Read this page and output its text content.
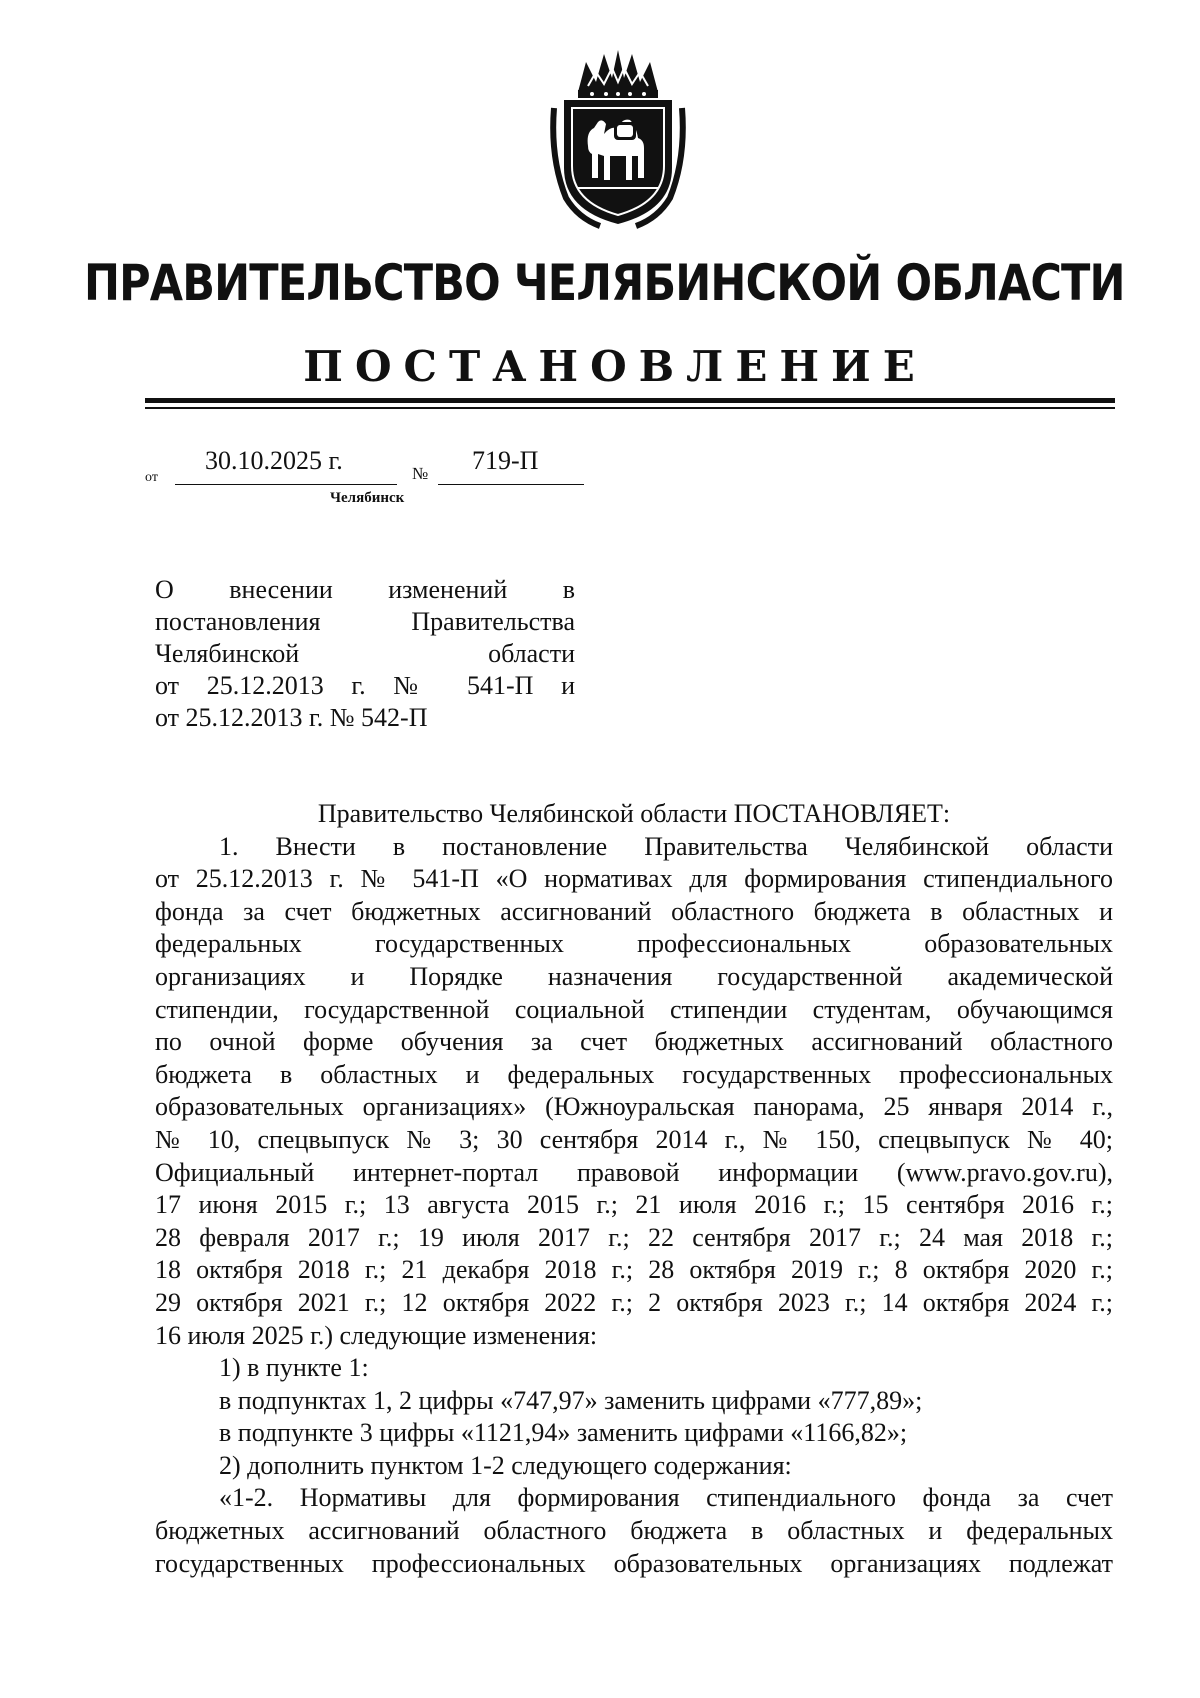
ПРАВИТЕЛЬСТВО ЧЕЛЯБИНСКОЙ ОБЛАСТИ
ПОСТАНОВЛЕНИЕ
от
30.10.2025 г.	№ 719-П
Челябинск
О внесении изменений в
постановления Правительства
Челябинской области
от 25.12.2013 г. № 541-П и
от 25.12.2013 г. № 542-П
Правительство Челябинской области ПОСТАНОВЛЯЕТ:
1. Внести в постановление Правительства Челябинской области
от 25.12.2013 г. № 541-П «О нормативах для формирования стипендиального
фонда за счет бюджетных ассигнований областного бюджета в областных и
федеральных государственных профессиональных образовательных
организациях и Порядке назначения государственной академической
стипендии, государственной социальной стипендии студентам, обучающимся
по очной форме обучения за счет бюджетных ассигнований областного
бюджета в областных и федеральных государственных профессиональных
образовательных организациях» (Южноуральская панорама, 25 января 2014 г.,
№ 10, спецвыпуск № 3; 30 сентября 2014 г., № 150, спецвыпуск № 40;
Официальный интернет-портал правовой информации (www.pravo.gov.ru),
17 июня 2015 г.; 13 августа 2015 г.; 21 июля 2016 г.; 15 сентября 2016 г.;
28 февраля 2017 г.; 19 июля 2017 г.; 22 сентября 2017 г.; 24 мая 2018 г.;
18 октября 2018 г.; 21 декабря 2018 г.; 28 октября 2019 г.; 8 октября 2020 г.;
29 октября 2021 г.; 12 октября 2022 г.; 2 октября 2023 г.; 14 октября 2024 г.;
16 июля 2025 г.) следующие изменения:
1) в пункте 1:
в подпунктах 1, 2 цифры «747,97» заменить цифрами «777,89»;
в подпункте 3 цифры «1121,94» заменить цифрами «1166,82»;
2) дополнить пунктом 1-2 следующего содержания:
«1-2. Нормативы для формирования стипендиального фонда за счет
бюджетных ассигнований областного бюджета в областных и федеральных
государственных профессиональных образовательных организациях подлежат
